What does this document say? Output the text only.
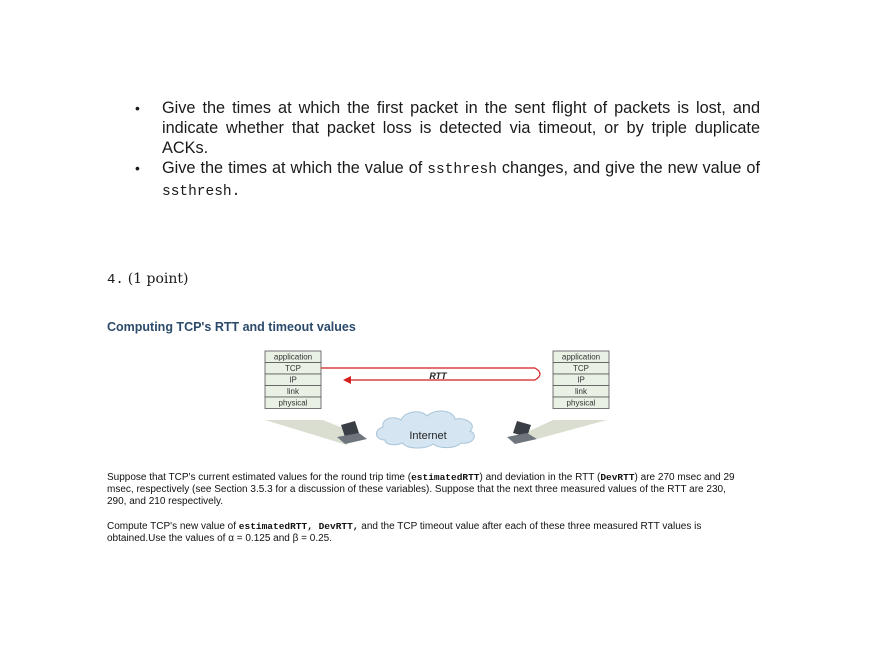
• Give the times at which the first packet in the sent flight of packets is lost, and indicate whether that packet loss is detected via timeout, or by triple duplicate ACKs.
• Give the times at which the value of ssthresh changes, and give the new value of ssthresh.
4. (1 point)
Computing TCP's RTT and timeout values
application
TCP
IP
link
physical
application
TCP
IP
link
physical
RTT
Internet
Suppose that TCP's current estimated values for the round trip time (estimatedRTT) and deviation in the RTT (DevRTT) are 270 msec and 29 msec, respectively (see Section 3.5.3 for a discussion of these variables). Suppose that the next three measured values of the RTT are 230, 290, and 210 respectively.
Compute TCP's new value of estimatedRTT, DevRTT, and the TCP timeout value after each of these three measured RTT values is obtained.Use the values of α = 0.125 and β = 0.25.
